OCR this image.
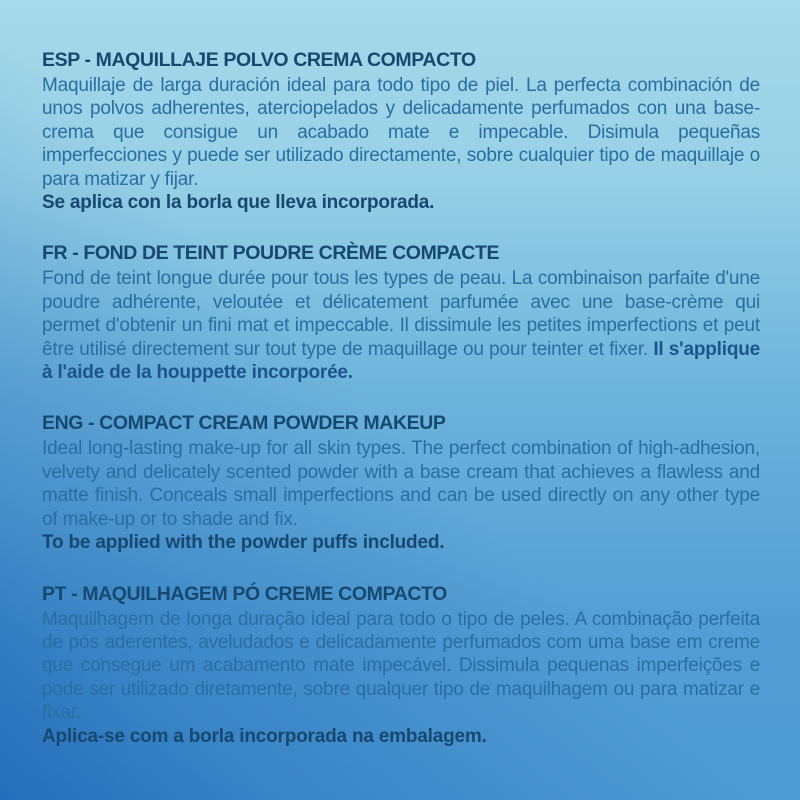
ESP - MAQUILLAJE POLVO CREMA COMPACTO

Maquillaje de larga duración ideal para todo tipo de piel. La perfecta combinación de unos polvos adherentes, aterciopelados y delicadamente perfumados con una base-crema que consigue un acabado mate e impecable. Disimula pequeñas imperfecciones y puede ser utilizado directamente, sobre cualquier tipo de maquillaje o para matizar y fijar.

Se aplica con la borla que lleva incorporada.

FR - FOND DE TEINT POUDRE CRÈME COMPACTE

Fond de teint longue durée pour tous les types de peau. La combinaison parfaite d'une poudre adhérente, veloutée et délicatement parfumée avec une base-crème qui permet d'obtenir un fini mat et impeccable. Il dissimule les petites imperfections et peut être utilisé directement sur tout type de maquillage ou pour teinter et fixer. Il s'applique à l'aide de la houppette incorporée.

ENG - COMPACT CREAM POWDER MAKEUP

Ideal long-lasting make-up for all skin types. The perfect combination of high-adhesion, velvety and delicately scented powder with a base cream that achieves a flawless and matte finish. Conceals small imperfections and can be used directly on any other type of make-up or to shade and fix.

To be applied with the powder puffs included.

PT - MAQUILHAGEM PÓ CREME COMPACTO

Maquilhagem de longa duração ideal para todo o tipo de peles. A combinação perfeita de pós aderentes, aveludados e delicadamente perfumados com uma base em creme que consegue um acabamento mate impecável. Dissimula pequenas imperfeições e pode ser utilizado diretamente, sobre qualquer tipo de maquilhagem ou para matizar e fixar.

Aplica-se com a borla incorporada na embalagem.
